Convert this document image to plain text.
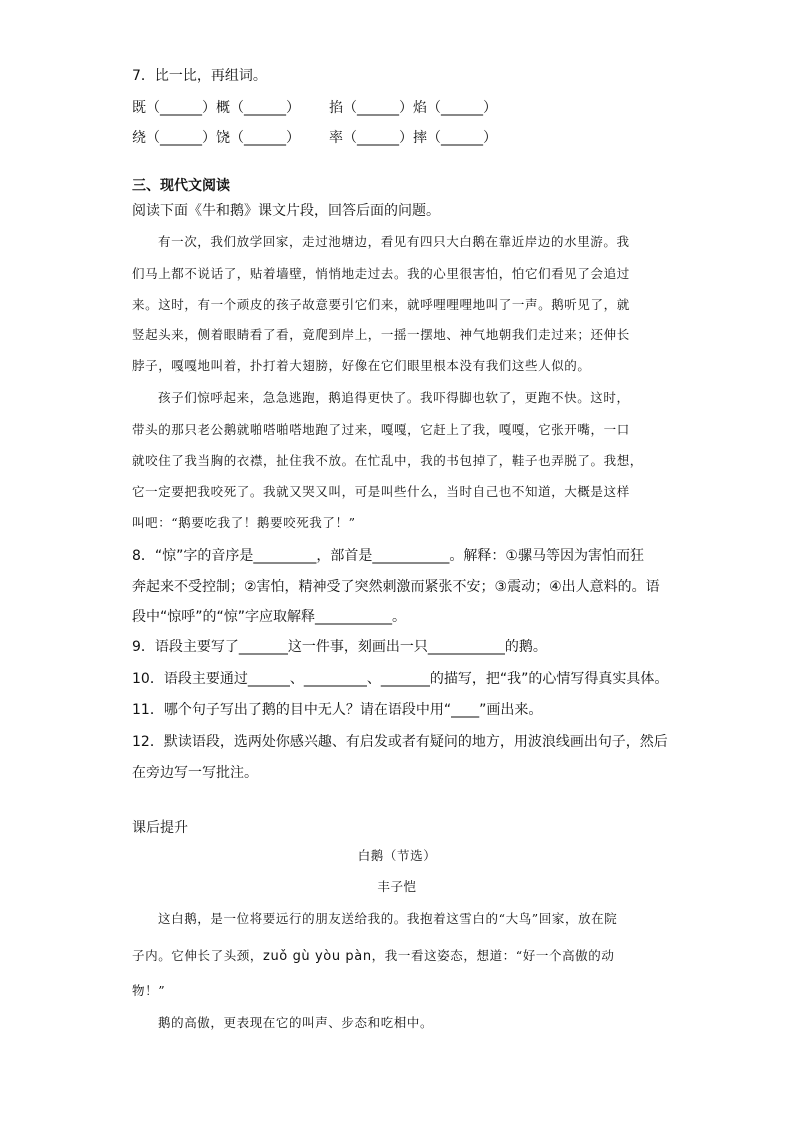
7．比一比，再组词。
既（______）概（______） 掐（______）焰（______）
绕（______）饶（______） 率（______）摔（______）
三、现代文阅读
阅读下面《牛和鹅》课文片段，回答后面的问题。
有一次，我们放学回家，走过池塘边，看见有四只大白鹅在靠近岸边的水里游。我
们马上都不说话了，贴着墙壁，悄悄地走过去。我的心里很害怕，怕它们看见了会追过
来。这时，有一个顽皮的孩子故意要引它们来，就呼哩哩哩地叫了一声。鹅听见了，就
竖起头来，侧着眼睛看了看，竟爬到岸上，一摇一摆地、神气地朝我们走过来；还伸长
脖子，嘎嘎地叫着，扑打着大翅膀，好像在它们眼里根本没有我们这些人似的。
孩子们惊呼起来，急急逃跑，鹅追得更快了。我吓得脚也软了，更跑不快。这时，
带头的那只老公鹅就啪嗒啪嗒地跑了过来，嘎嘎，它赶上了我，嘎嘎，它张开嘴，一口
就咬住了我当胸的衣襟，扯住我不放。在忙乱中，我的书包掉了，鞋子也弄脱了。我想，
它一定要把我咬死了。我就又哭又叫，可是叫些什么，当时自己也不知道，大概是这样
叫吧：“鹅要吃我了！鹅要咬死我了！”
8．“惊”字的音序是_________，部首是___________。解释：①骡马等因为害怕而狂
奔起来不受控制；②害怕，精神受了突然刺激而紧张不安；③震动；④出人意料的。语
段中“惊呼”的“惊”字应取解释___________。
9．语段主要写了_______这一件事，刻画出一只___________的鹅。
10．语段主要通过______、_________、_______的描写，把“我”的心情写得真实具体。
11．哪个句子写出了鹅的目中无人？请在语段中用“____”画出来。
12．默读语段，选两处你感兴趣、有启发或者有疑问的地方，用波浪线画出句子，然后
在旁边写一写批注。
课后提升
白鹅（节选）
丰子恺
这白鹅，是一位将要远行的朋友送给我的。我抱着这雪白的“大鸟”回家，放在院
子内。它伸长了头颈，zuǒ gù yòu pàn，我一看这姿态，想道：“好一个高傲的动
物！”
鹅的高傲，更表现在它的叫声、步态和吃相中。
